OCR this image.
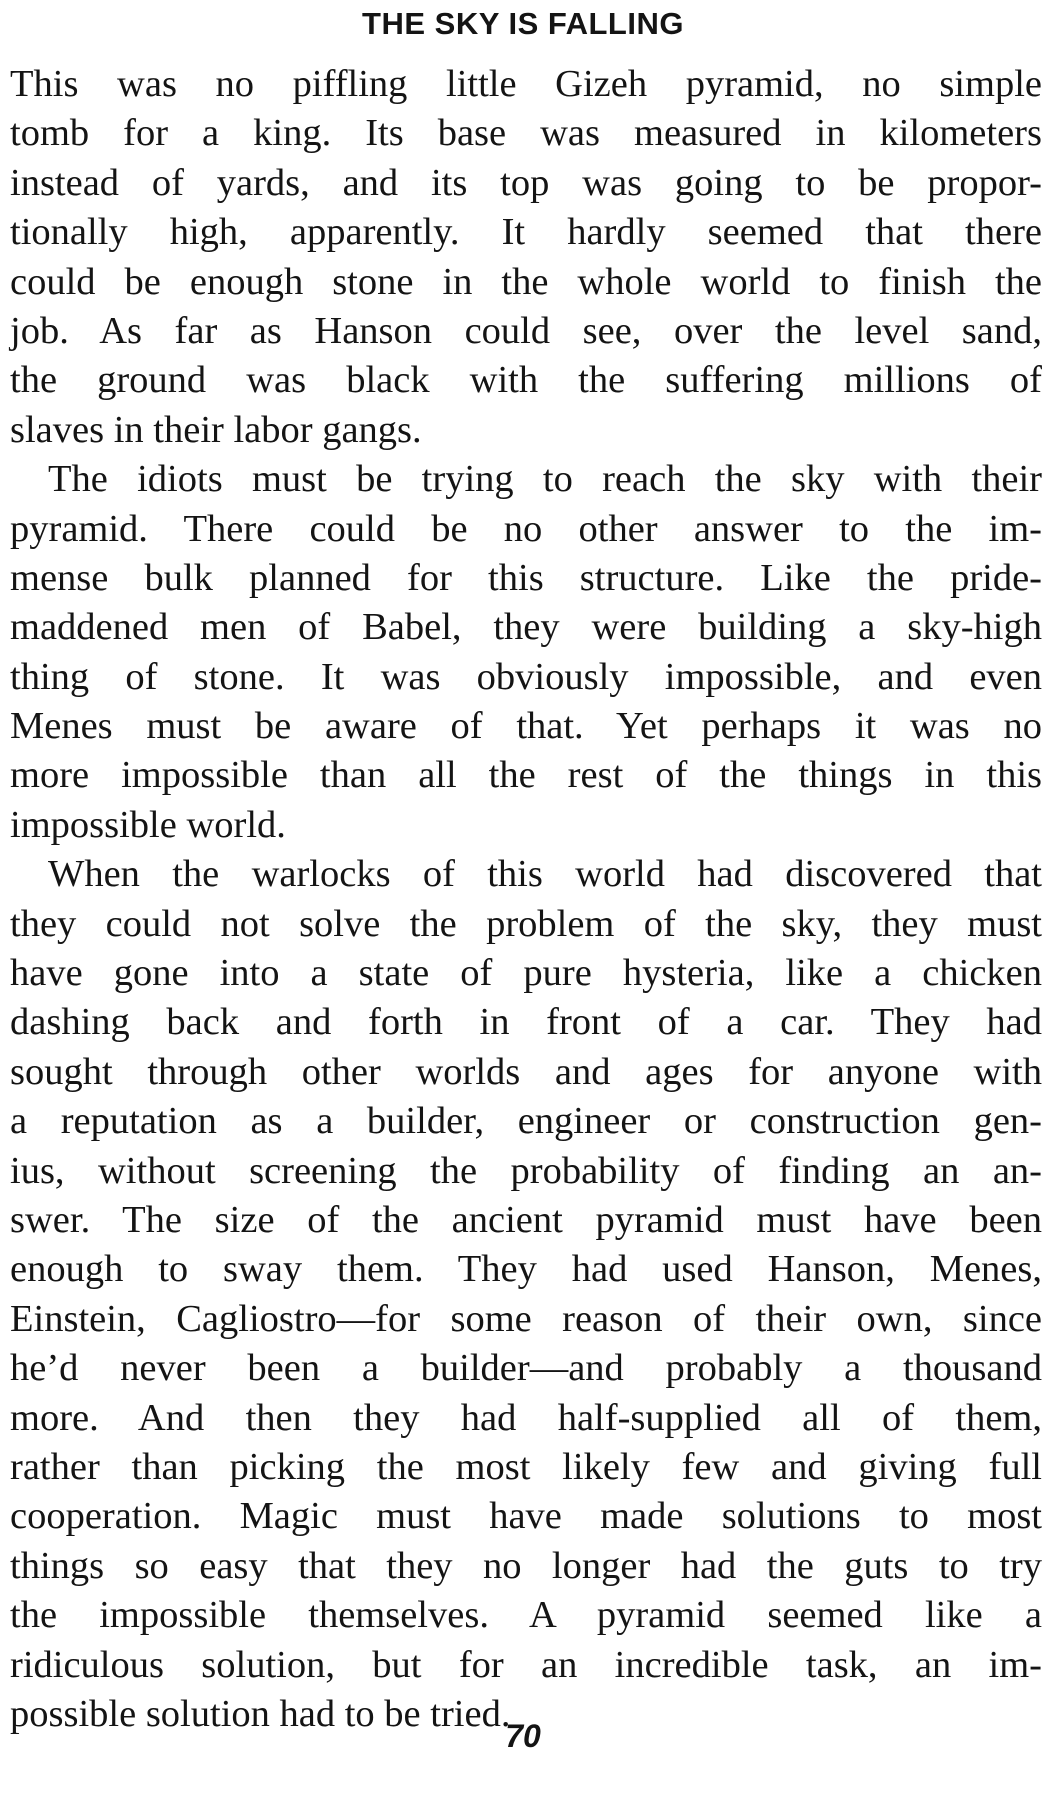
THE SKY IS FALLING
This was no piffling little Gizeh pyramid, no simple
tomb for a king. Its base was measured in kilometers
instead of yards, and its top was going to be propor-
tionally high, apparently. It hardly seemed that there
could be enough stone in the whole world to finish the
job. As far as Hanson could see, over the level sand,
the ground was black with the suffering millions of
slaves in their labor gangs.
The idiots must be trying to reach the sky with their
pyramid. There could be no other answer to the im-
mense bulk planned for this structure. Like the pride-
maddened men of Babel, they were building a sky-high
thing of stone. It was obviously impossible, and even
Menes must be aware of that. Yet perhaps it was no
more impossible than all the rest of the things in this
impossible world.
When the warlocks of this world had discovered that
they could not solve the problem of the sky, they must
have gone into a state of pure hysteria, like a chicken
dashing back and forth in front of a car. They had
sought through other worlds and ages for anyone with
a reputation as a builder, engineer or construction gen-
ius, without screening the probability of finding an an-
swer. The size of the ancient pyramid must have been
enough to sway them. They had used Hanson, Menes,
Einstein, Cagliostro—for some reason of their own, since
he’d never been a builder—and probably a thousand
more. And then they had half-supplied all of them,
rather than picking the most likely few and giving full
cooperation. Magic must have made solutions to most
things so easy that they no longer had the guts to try
the impossible themselves. A pyramid seemed like a
ridiculous solution, but for an incredible task, an im-
possible solution had to be tried.
70
